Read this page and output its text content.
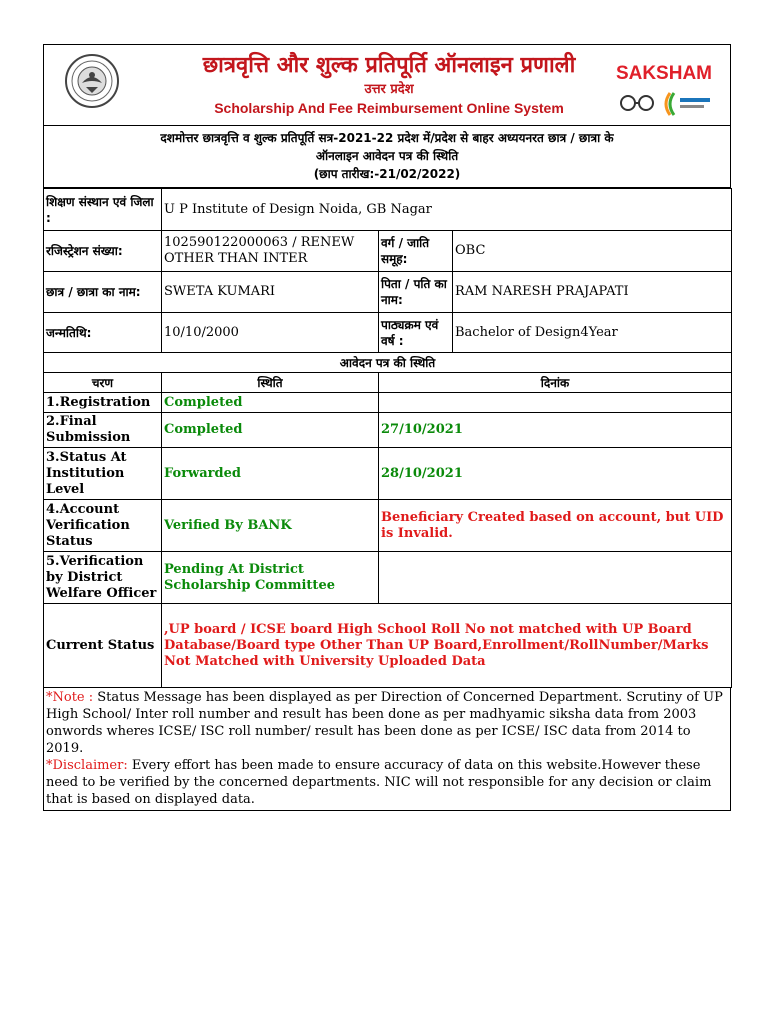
छात्रवृत्ति और शुल्क प्रतिपूर्ति ऑनलाइन प्रणाली
उत्तर प्रदेश
Scholarship And Fee Reimbursement Online System
SAKSHAM
दशमोत्तर छात्रवृत्ति व शुल्क प्रतिपूर्ति सत्र-2021-22 प्रदेश में/प्रदेश से बाहर अध्ययनरत छात्र / छात्रा के
ऑनलाइन आवेदन पत्र की स्थिति
(छाप तारीख:-21/02/2022)
शिक्षण संस्थान एवं जिला :	U P Institute of Design Noida, GB Nagar		
रजिस्ट्रेशन संख्या:	102590122000063 / RENEW OTHER THAN INTER	वर्ग / जाति समूह:	OBC
छात्र / छात्रा का नाम:	SWETA KUMARI	पिता / पति का नाम:	RAM NARESH PRAJAPATI
जन्मतिथि:	10/10/2000	पाठ्यक्रम एवं वर्ष :	Bachelor of Design4Year
आवेदन पत्र की स्थिति			
चरण	स्थिति	दिनांक	
1.Registration	Completed		
2.Final Submission	Completed	27/10/2021	
3.Status At Institution Level	Forwarded	28/10/2021	
4.Account Verification Status	Verified By BANK	Beneficiary Created based on account, but UID is Invalid.	
5.Verification by District Welfare Officer	Pending At District Scholarship Committee		
Current Status	,UP board / ICSE board High School Roll No not matched with UP Board Database/Board type Other Than UP Board,Enrollment/RollNumber/Marks Not Matched with University Uploaded Data		
*Note : Status Message has been displayed as per Direction of Concerned Department. Scrutiny of UP High School/ Inter roll number and result has been done as per madhyamic siksha data from 2003 onwords wheres ICSE/ ISC roll number/ result has been done as per ICSE/ ISC data from 2014 to 2019.
*Disclaimer: Every effort has been made to ensure accuracy of data on this website.However these need to be verified by the concerned departments. NIC will not responsible for any decision or claim that is based on displayed data.
